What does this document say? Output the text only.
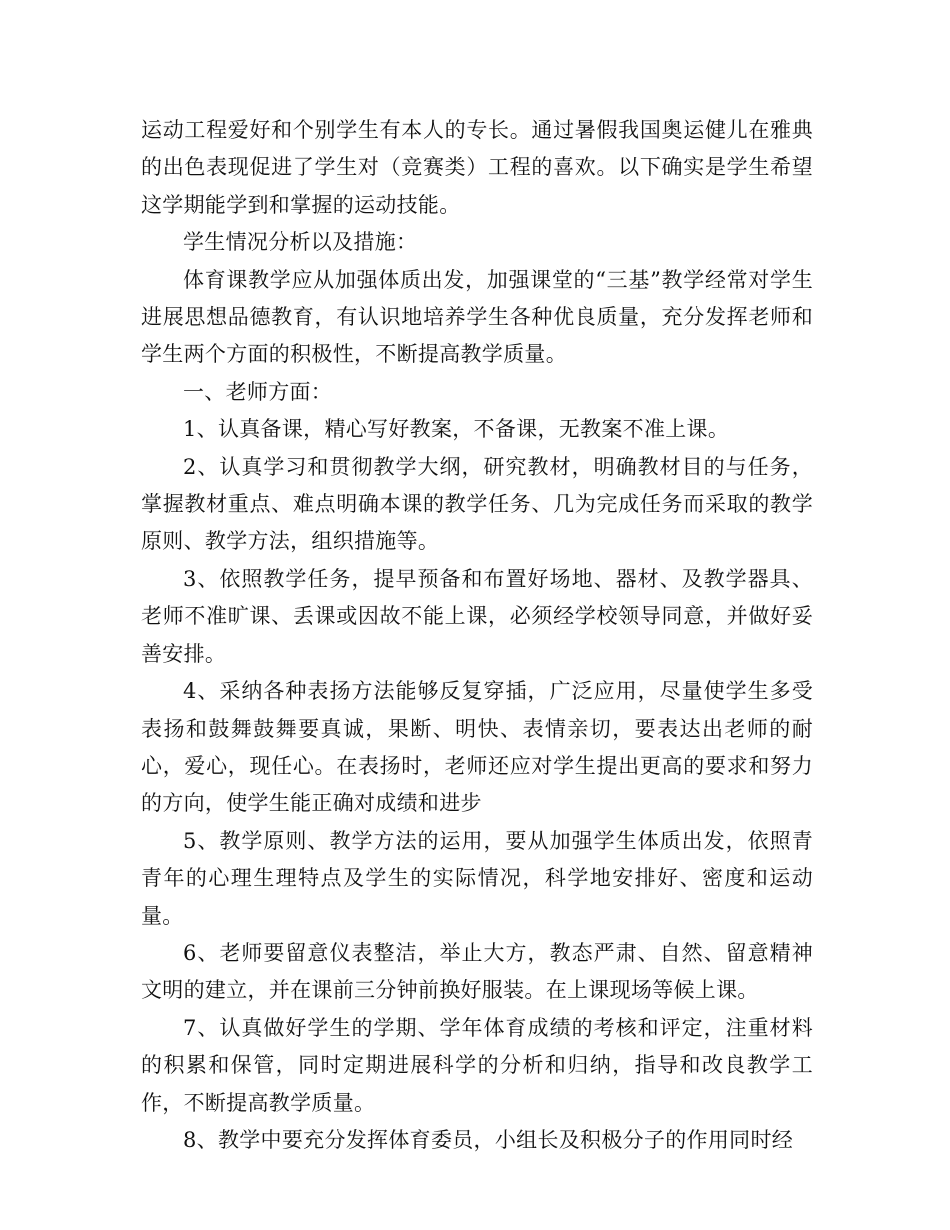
运动工程爱好和个别学生有本人的专长。通过暑假我国奥运健儿在雅典的出色表现促进了学生对（竞赛类）工程的喜欢。以下确实是学生希望这学期能学到和掌握的运动技能。

学生情况分析以及措施：

体育课教学应从加强体质出发，加强课堂的“三基”教学经常对学生进展思想品德教育，有认识地培养学生各种优良质量，充分发挥老师和学生两个方面的积极性，不断提高教学质量。

一、老师方面：

1、认真备课，精心写好教案，不备课，无教案不准上课。

2、认真学习和贯彻教学大纲，研究教材，明确教材目的与任务，掌握教材重点、难点明确本课的教学任务、几为完成任务而采取的教学原则、教学方法，组织措施等。

3、依照教学任务，提早预备和布置好场地、器材、及教学器具、老师不准旷课、丢课或因故不能上课，必须经学校领导同意，并做好妥善安排。

4、采纳各种表扬方法能够反复穿插，广泛应用，尽量使学生多受表扬和鼓舞鼓舞要真诚，果断、明快、表情亲切，要表达出老师的耐心，爱心，现任心。在表扬时，老师还应对学生提出更高的要求和努力的方向，使学生能正确对成绩和进步

5、教学原则、教学方法的运用，要从加强学生体质出发，依照青青年的心理生理特点及学生的实际情况，科学地安排好、密度和运动量。

6、老师要留意仪表整洁，举止大方，教态严肃、自然、留意精神文明的建立，并在课前三分钟前换好服装。在上课现场等候上课。

7、认真做好学生的学期、学年体育成绩的考核和评定，注重材料的积累和保管，同时定期进展科学的分析和归纳，指导和改良教学工作，不断提高教学质量。

8、教学中要充分发挥体育委员，小组长及积极分子的作用同时经
